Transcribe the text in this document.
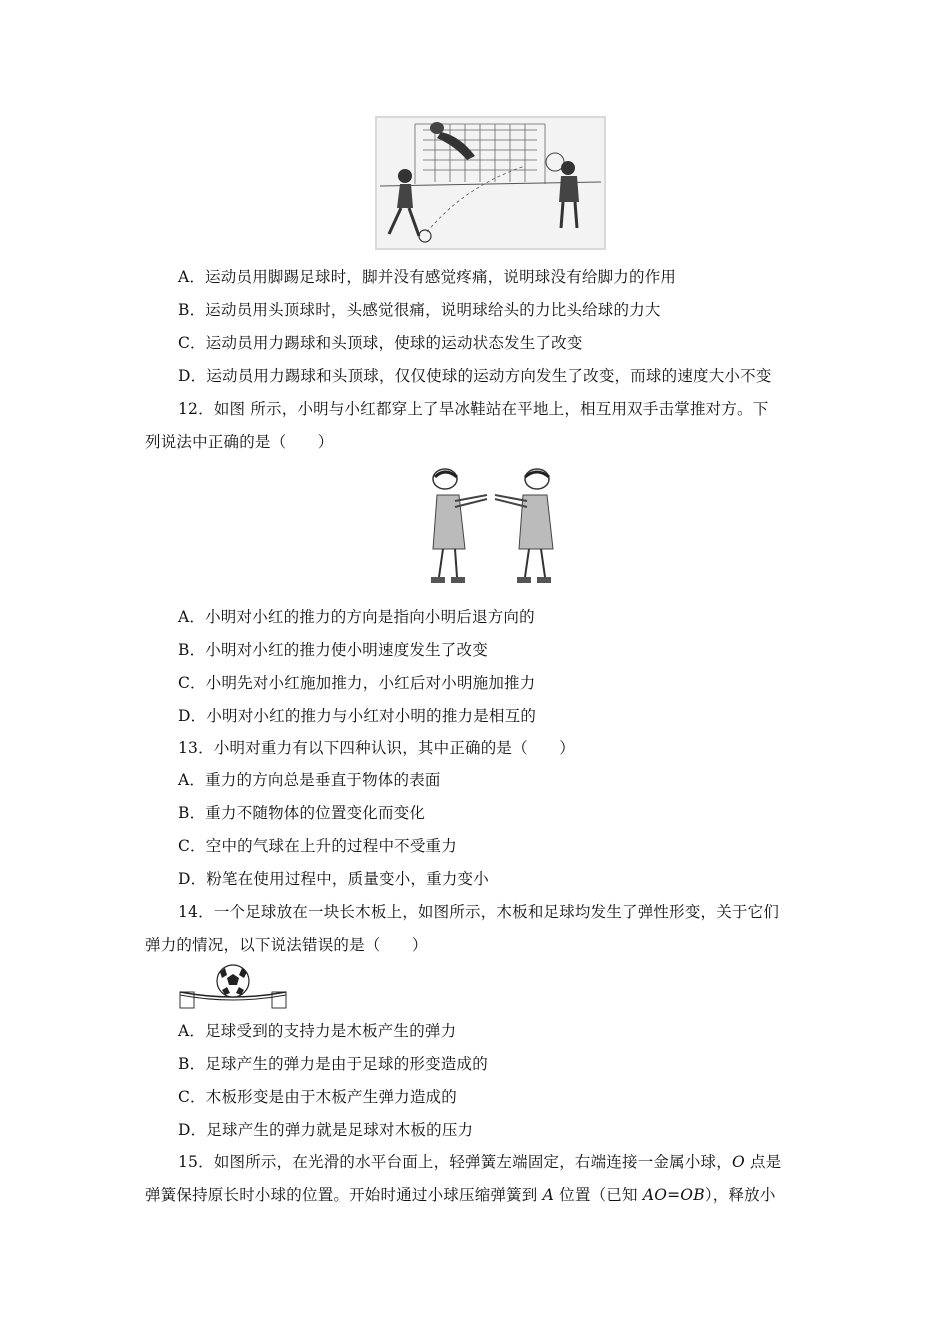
A．运动员用脚踢足球时，脚并没有感觉疼痛，说明球没有给脚力的作用
B．运动员用头顶球时，头感觉很痛，说明球给头的力比头给球的力大
C．运动员用力踢球和头顶球，使球的运动状态发生了改变
D．运动员用力踢球和头顶球，仅仅使球的运动方向发生了改变，而球的速度大小不变
12．如图 所示，小明与小红都穿上了旱冰鞋站在平地上，相互用双手击掌推对方。下
列说法中正确的是（　　）
A．小明对小红的推力的方向是指向小明后退方向的
B．小明对小红的推力使小明速度发生了改变
C．小明先对小红施加推力，小红后对小明施加推力
D．小明对小红的推力与小红对小明的推力是相互的
13．小明对重力有以下四种认识，其中正确的是（　　）
A．重力的方向总是垂直于物体的表面
B．重力不随物体的位置变化而变化
C．空中的气球在上升的过程中不受重力
D．粉笔在使用过程中，质量变小，重力变小
14．一个足球放在一块长木板上，如图所示，木板和足球均发生了弹性形变，关于它们
弹力的情况，以下说法错误的是（　　）
A．足球受到的支持力是木板产生的弹力
B．足球产生的弹力是由于足球的形变造成的
C．木板形变是由于木板产生弹力造成的
D．足球产生的弹力就是足球对木板的压力
15．如图所示，在光滑的水平台面上，轻弹簧左端固定，右端连接一金属小球，O 点是
弹簧保持原长时小球的位置。开始时通过小球压缩弹簧到 A 位置（已知 AO=OB），释放小
